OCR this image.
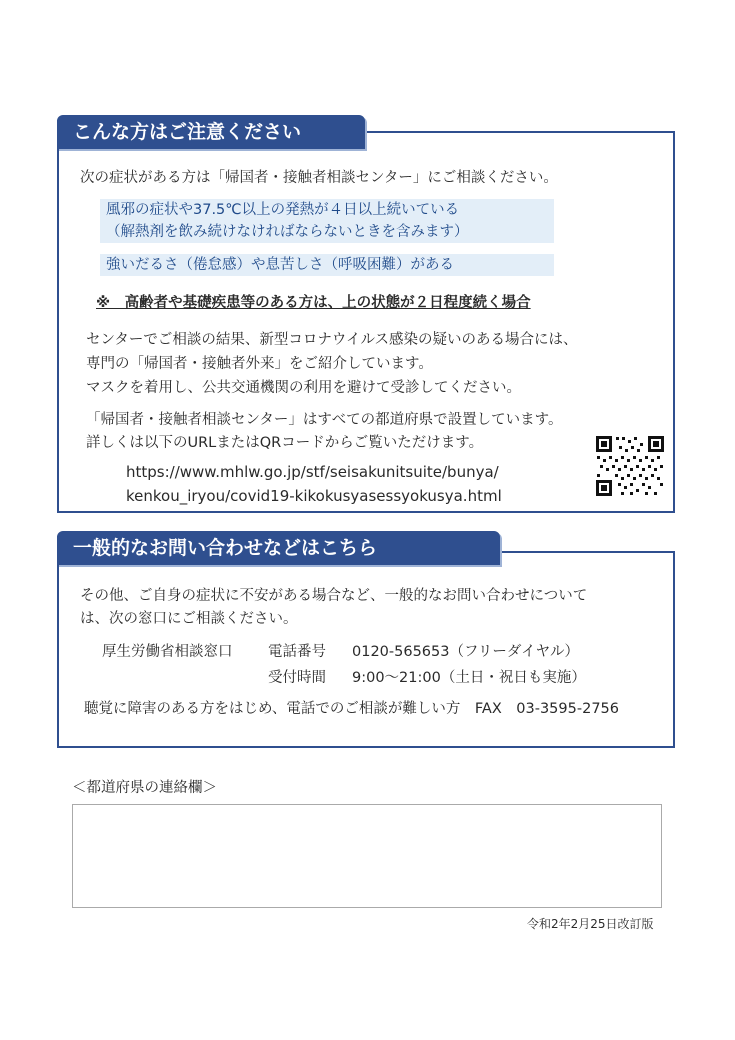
こんな方はご注意ください
次の症状がある方は「帰国者・接触者相談センター」にご相談ください。
風邪の症状や37.5℃以上の発熱が４日以上続いている
（解熱剤を飲み続けなければならないときを含みます）
強いだるさ（倦怠感）や息苦しさ（呼吸困難）がある
※　高齢者や基礎疾患等のある方は、上の状態が２日程度続く場合
センターでご相談の結果、新型コロナウイルス感染の疑いのある場合には、
専門の「帰国者・接触者外来」をご紹介しています。
マスクを着用し、公共交通機関の利用を避けて受診してください。
「帰国者・接触者相談センター」はすべての都道府県で設置しています。
詳しくは以下のURLまたはQRコードからご覧いただけます。
https://www.mhlw.go.jp/stf/seisakunitsuite/bunya/
kenkou_iryou/covid19-kikokusyasessyokusya.html
一般的なお問い合わせなどはこちら
その他、ご自身の症状に不安がある場合など、一般的なお問い合わせについて
は、次の窓口にご相談ください。
厚生労働省相談窓口 電話番号 0120-565653（フリーダイヤル）
受付時間 9:00～21:00（土日・祝日も実施）
聴覚に障害のある方をはじめ、電話でのご相談が難しい方　FAX　03-3595-2756
＜都道府県の連絡欄＞
令和2年2月25日改訂版
